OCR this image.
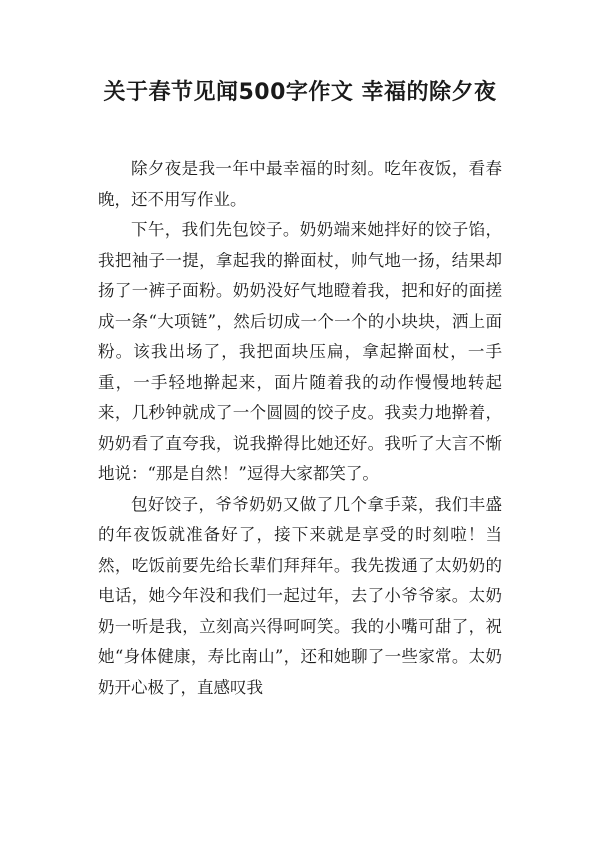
关于春节见闻500字作文 幸福的除夕夜

除夕夜是我一年中最幸福的时刻。吃年夜饭，看春晚，还不用写作业。

下午，我们先包饺子。奶奶端来她拌好的饺子馅，我把袖子一提，拿起我的擀面杖，帅气地一扬，结果却扬了一裤子面粉。奶奶没好气地瞪着我，把和好的面搓成一条“大项链”，然后切成一个一个的小块块，洒上面粉。该我出场了，我把面块压扁，拿起擀面杖，一手重，一手轻地擀起来，面片随着我的动作慢慢地转起来，几秒钟就成了一个圆圆的饺子皮。我卖力地擀着，奶奶看了直夸我，说我擀得比她还好。我听了大言不惭地说：“那是自然！”逗得大家都笑了。

包好饺子，爷爷奶奶又做了几个拿手菜，我们丰盛的年夜饭就准备好了，接下来就是享受的时刻啦！当然，吃饭前要先给长辈们拜拜年。我先拨通了太奶奶的电话，她今年没和我们一起过年，去了小爷爷家。太奶奶一听是我，立刻高兴得呵呵笑。我的小嘴可甜了，祝她“身体健康，寿比南山”，还和她聊了一些家常。太奶奶开心极了，直感叹我
